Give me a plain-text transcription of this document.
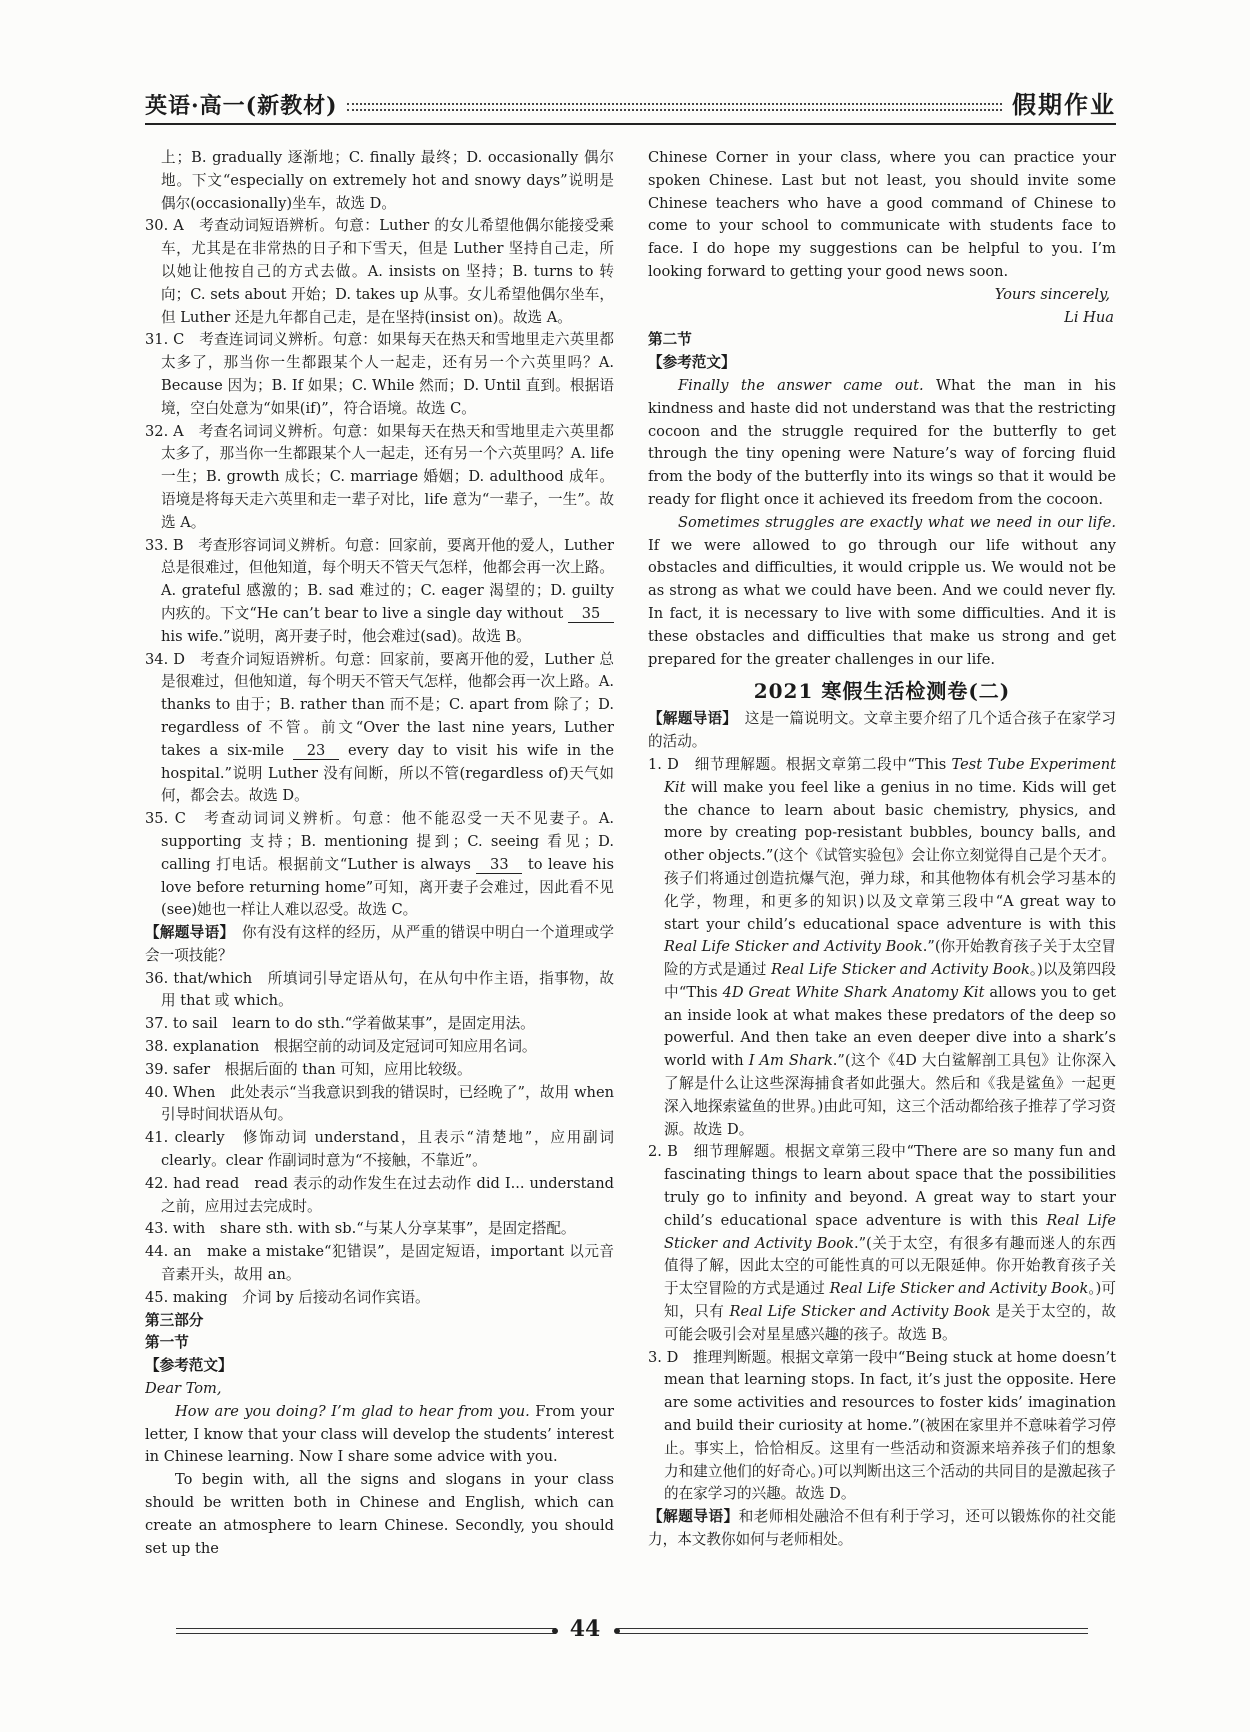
英语·高一(新教材)	假期作业

上；B. gradually 逐渐地；C. finally 最终；D. occasionally 偶尔地。下文“especially on extremely hot and snowy days”说明是偶尔(occasionally)坐车，故选 D。

30. A　考查动词短语辨析。句意：Luther 的女儿希望他偶尔能接受乘车，尤其是在非常热的日子和下雪天，但是 Luther 坚持自己走，所以她让他按自己的方式去做。A. insists on 坚持；B. turns to 转向；C. sets about 开始；D. takes up 从事。女儿希望他偶尔坐车，但 Luther 还是九年都自己走，是在坚持(insist on)。故选 A。

31. C　考查连词词义辨析。句意：如果每天在热天和雪地里走六英里都太多了，那当你一生都跟某个人一起走，还有另一个六英里吗？A. Because 因为；B. If 如果；C. While 然而；D. Until 直到。根据语境，空白处意为“如果(if)”，符合语境。故选 C。

32. A　考查名词词义辨析。句意：如果每天在热天和雪地里走六英里都太多了，那当你一生都跟某个人一起走，还有另一个六英里吗？A. life 一生；B. growth 成长；C. marriage 婚姻；D. adulthood 成年。语境是将每天走六英里和走一辈子对比，life 意为“一辈子，一生”。故选 A。

33. B　考查形容词词义辨析。句意：回家前，要离开他的爱人，Luther 总是很难过，但他知道，每个明天不管天气怎样，他都会再一次上路。A. grateful 感激的；B. sad 难过的；C. eager 渴望的；D. guilty 内疚的。下文“He can’t bear to live a single day without 35 his wife.”说明，离开妻子时，他会难过(sad)。故选 B。

34. D　考查介词短语辨析。句意：回家前，要离开他的爱，Luther 总是很难过，但他知道，每个明天不管天气怎样，他都会再一次上路。A. thanks to 由于；B. rather than 而不是；C. apart from 除了；D. regardless of 不管。前文“Over the last nine years, Luther takes a six-mile 23 every day to visit his wife in the hospital.”说明 Luther 没有间断，所以不管(regardless of)天气如何，都会去。故选 D。

35. C　考查动词词义辨析。句意：他不能忍受一天不见妻子。A. supporting 支持；B. mentioning 提到；C. seeing 看见；D. calling 打电话。根据前文“Luther is always 33 to leave his love before returning home”可知，离开妻子会难过，因此看不见(see)她也一样让人难以忍受。故选 C。

【解题导语】　你有没有这样的经历，从严重的错误中明白一个道理或学会一项技能？

36. that/which　所填词引导定语从句，在从句中作主语，指事物，故用 that 或 which。

37. to sail　learn to do sth.“学着做某事”，是固定用法。

38. explanation　根据空前的动词及定冠词可知应用名词。

39. safer　根据后面的 than 可知，应用比较级。

40. When　此处表示“当我意识到我的错误时，已经晚了”，故用 when 引导时间状语从句。

41. clearly　修饰动词 understand，且表示“清楚地”，应用副词 clearly。clear 作副词时意为“不接触，不靠近”。

42. had read　read 表示的动作发生在过去动作 did I... understand 之前，应用过去完成时。

43. with　share sth. with sb.“与某人分享某事”，是固定搭配。

44. an　make a mistake“犯错误”，是固定短语，important 以元音音素开头，故用 an。

45. making　介词 by 后接动名词作宾语。

第三部分

第一节

【参考范文】

Dear Tom,

How are you doing? I’m glad to hear from you. From your letter, I know that your class will develop the students’ interest in Chinese learning. Now I share some advice with you.

To begin with, all the signs and slogans in your class should be written both in Chinese and English, which can create an atmosphere to learn Chinese. Secondly, you should set up the

Chinese Corner in your class, where you can practice your spoken Chinese. Last but not least, you should invite some Chinese teachers who have a good command of Chinese to come to your school to communicate with students face to face. I do hope my suggestions can be helpful to you. I’m looking forward to getting your good news soon.

Yours sincerely,

Li Hua

第二节

【参考范文】

Finally the answer came out. What the man in his kindness and haste did not understand was that the restricting cocoon and the struggle required for the butterfly to get through the tiny opening were Nature’s way of forcing fluid from the body of the butterfly into its wings so that it would be ready for flight once it achieved its freedom from the cocoon.

Sometimes struggles are exactly what we need in our life. If we were allowed to go through our life without any obstacles and difficulties, it would cripple us. We would not be as strong as what we could have been. And we could never fly. In fact, it is necessary to live with some difficulties. And it is these obstacles and difficulties that make us strong and get prepared for the greater challenges in our life.

2021 寒假生活检测卷(二)

【解题导语】　这是一篇说明文。文章主要介绍了几个适合孩子在家学习的活动。

1. D　细节理解题。根据文章第二段中“This Test Tube Experiment Kit will make you feel like a genius in no time. Kids will get the chance to learn about basic chemistry, physics, and more by creating pop-resistant bubbles, bouncy balls, and other objects.”(这个《试管实验包》会让你立刻觉得自己是个天才。孩子们将通过创造抗爆气泡，弹力球，和其他物体有机会学习基本的化学，物理，和更多的知识)以及文章第三段中“A great way to start your child’s educational space adventure is with this Real Life Sticker and Activity Book.”(你开始教育孩子关于太空冒险的方式是通过 Real Life Sticker and Activity Book。)以及第四段中“This 4D Great White Shark Anatomy Kit allows you to get an inside look at what makes these predators of the deep so powerful. And then take an even deeper dive into a shark’s world with I Am Shark.”(这个《4D 大白鲨解剖工具包》让你深入了解是什么让这些深海捕食者如此强大。然后和《我是鲨鱼》一起更深入地探索鲨鱼的世界。)由此可知，这三个活动都给孩子推荐了学习资源。故选 D。

2. B　细节理解题。根据文章第三段中“There are so many fun and fascinating things to learn about space that the possibilities truly go to infinity and beyond. A great way to start your child’s educational space adventure is with this Real Life Sticker and Activity Book.”(关于太空，有很多有趣而迷人的东西值得了解，因此太空的可能性真的可以无限延伸。你开始教育孩子关于太空冒险的方式是通过 Real Life Sticker and Activity Book。)可知，只有 Real Life Sticker and Activity Book 是关于太空的，故可能会吸引会对星星感兴趣的孩子。故选 B。

3. D　推理判断题。根据文章第一段中“Being stuck at home doesn’t mean that learning stops. In fact, it’s just the opposite. Here are some activities and resources to foster kids’ imagination and build their curiosity at home.”(被困在家里并不意味着学习停止。事实上，恰恰相反。这里有一些活动和资源来培养孩子们的想象力和建立他们的好奇心。)可以判断出这三个活动的共同目的是激起孩子的在家学习的兴趣。故选 D。

【解题导语】和老师相处融洽不但有利于学习，还可以锻炼你的社交能力，本文教你如何与老师相处。

44
